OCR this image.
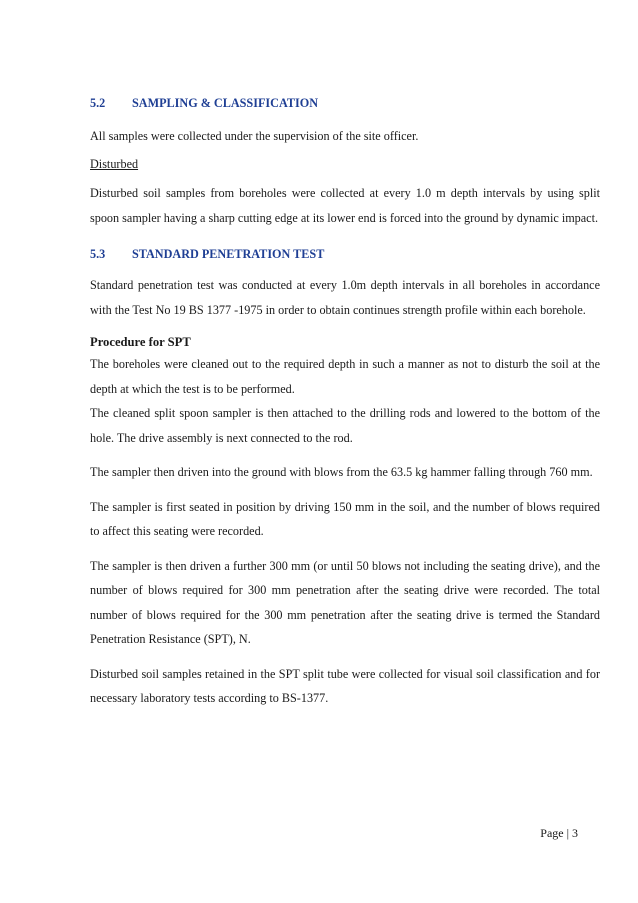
5.2 SAMPLING & CLASSIFICATION

All samples were collected under the supervision of the site officer.

Disturbed

Disturbed soil samples from boreholes were collected at every 1.0 m depth intervals by using split spoon sampler having a sharp cutting edge at its lower end is forced into the ground by dynamic impact.

5.3 STANDARD PENETRATION TEST

Standard penetration test was conducted at every 1.0m depth intervals in all boreholes in accordance with the Test No 19 BS 1377 -1975 in order to obtain continues strength profile within each borehole.

Procedure for SPT

The boreholes were cleaned out to the required depth in such a manner as not to disturb the soil at the depth at which the test is to be performed.

The cleaned split spoon sampler is then attached to the drilling rods and lowered to the bottom of the hole. The drive assembly is next connected to the rod.

The sampler then driven into the ground with blows from the 63.5 kg hammer falling through 760 mm.

The sampler is first seated in position by driving 150 mm in the soil, and the number of blows required to affect this seating were recorded.

The sampler is then driven a further 300 mm (or until 50 blows not including the seating drive), and the number of blows required for 300 mm penetration after the seating drive were recorded. The total number of blows required for the 300 mm penetration after the seating drive is termed the Standard Penetration Resistance (SPT), N.

Disturbed soil samples retained in the SPT split tube were collected for visual soil classification and for necessary laboratory tests according to BS-1377.

Page | 3
